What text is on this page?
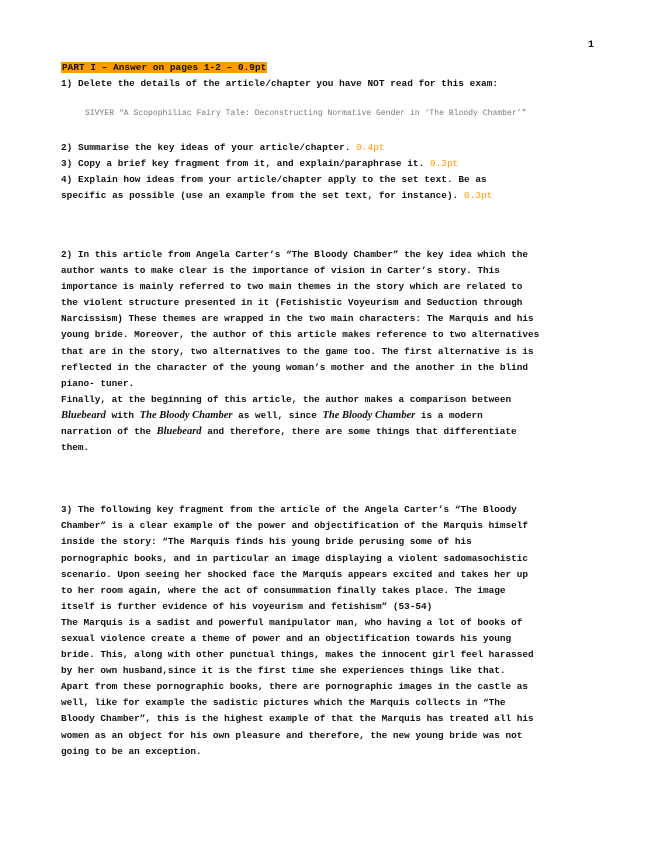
1
PART I – Answer on pages 1-2 – 0.9pt
1) Delete the details of the article/chapter you have NOT read for this exam:
SIVYER “A Scopophiliac Fairy Tale: Deconstructing Normative Gender in ‘The Bloody Chamber’”
2) Summarise the key ideas of your article/chapter. 0.4pt
3) Copy a brief key fragment from it, and explain/paraphrase it. 0.3pt
4) Explain how ideas from your article/chapter apply to the set text. Be as
specific as possible (use an example from the set text, for instance). 0.3pt
2) In this article from Angela Carter’s “The Bloody Chamber” the key idea which the
author wants to make clear is the importance of vision in Carter’s story. This
importance is mainly referred to two main themes in the story which are related to
the violent structure presented in it (Fetishistic Voyeurism and Seduction through
Narcissism) These themes are wrapped in the two main characters: The Marquis and his
young bride. Moreover, the author of this article makes reference to two alternatives
that are in the story, two alternatives to the game too. The first alternative is is
reflected in the character of the young woman’s mother and the another in the blind
piano- tuner.
Finally, at the beginning of this article, the author makes a comparison between
Bluebeard with The Bloody Chamber as well, since The Bloody Chamber is a modern
narration of the Bluebeard and therefore, there are some things that differentiate
them.
3) The following key fragment from the article of the Angela Carter’s “The Bloody
Chamber” is a clear example of the power and objectification of the Marquis himself
inside the story: “The Marquis finds his young bride perusing some of his
pornographic books, and in particular an image displaying a violent sadomasochistic
scenario. Upon seeing her shocked face the Marquis appears excited and takes her up
to her room again, where the act of consummation finally takes place. The image
itself is further evidence of his voyeurism and fetishism” (53-54)
The Marquis is a sadist and powerful manipulator man, who having a lot of books of
sexual violence create a theme of power and an objectification towards his young
bride. This, along with other punctual things, makes the innocent girl feel harassed
by her own husband,since it is the first time she experiences things like that.
Apart from these pornographic books, there are pornographic images in the castle as
well, like for example the sadistic pictures which the Marquis collects in “The
Bloody Chamber”, this is the highest example of that the Marquis has treated all his
women as an object for his own pleasure and therefore, the new young bride was not
going to be an exception.
